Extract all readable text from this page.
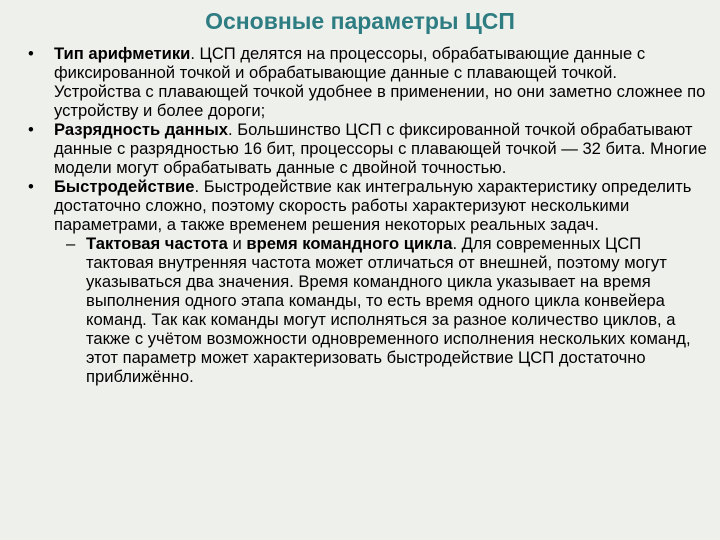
Основные параметры ЦСП
• Тип арифметики. ЦСП делятся на процессоры, обрабатывающие данные с фиксированной точкой и обрабатывающие данные с плавающей точкой. Устройства с плавающей точкой удобнее в применении, но они заметно сложнее по устройству и более дороги;
• Разрядность данных. Большинство ЦСП с фиксированной точкой обрабатывают данные с разрядностью 16 бит, процессоры с плавающей точкой — 32 бита. Многие модели могут обрабатывать данные с двойной точностью.
• Быстродействие. Быстродействие как интегральную характеристику определить достаточно сложно, поэтому скорость работы характеризуют несколькими параметрами, а также временем решения некоторых реальных задач.
– Тактовая частота и время командного цикла. Для современных ЦСП тактовая внутренняя частота может отличаться от внешней, поэтому могут указываться два значения. Время командного цикла указывает на время выполнения одного этапа команды, то есть время одного цикла конвейера команд. Так как команды могут исполняться за разное количество циклов, а также с учётом возможности одновременного исполнения нескольких команд, этот параметр может характеризовать быстродействие ЦСП достаточно приближённо.
